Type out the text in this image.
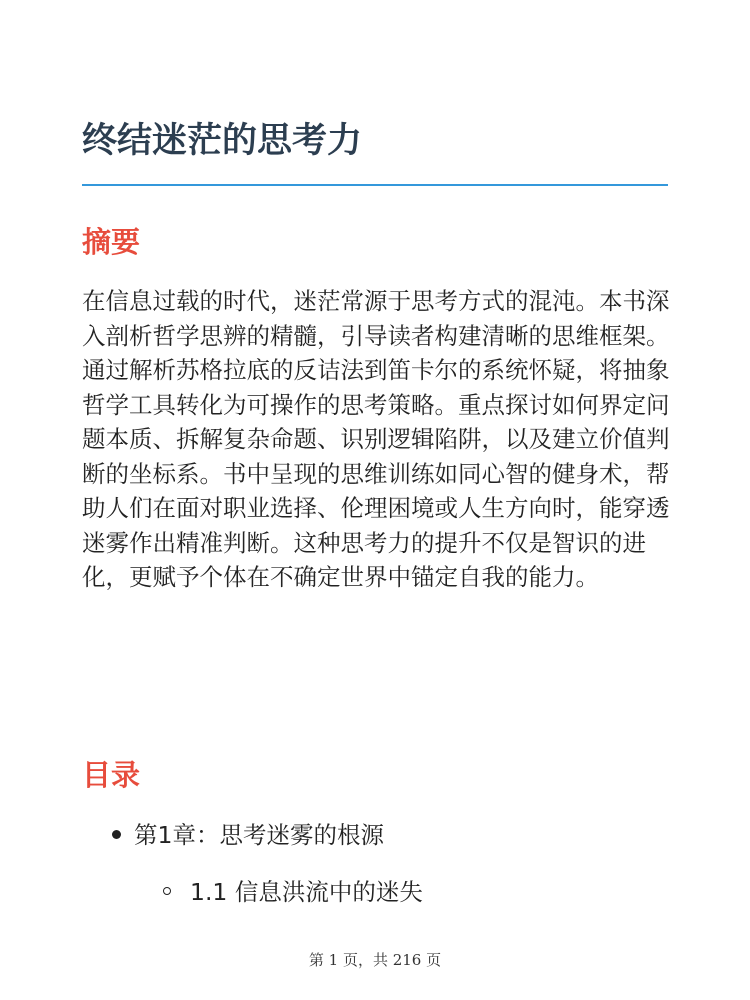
终结迷茫的思考力
摘要

在信息过载的时代，迷茫常源于思考方式的混沌。本书深入剖析哲学思辨的精髓，引导读者构建清晰的思维框架。通过解析苏格拉底的反诘法到笛卡尔的系统怀疑，将抽象哲学工具转化为可操作的思考策略。重点探讨如何界定问题本质、拆解复杂命题、识别逻辑陷阱，以及建立价值判断的坐标系。书中呈现的思维训练如同心智的健身术，帮助人们在面对职业选择、伦理困境或人生方向时，能穿透迷雾作出精准判断。这种思考力的提升不仅是智识的进化，更赋予个体在不确定世界中锚定自我的能力。

目录
第1章：思考迷雾的根源
1.1 信息洪流中的迷失
第 1 页，共 216 页
